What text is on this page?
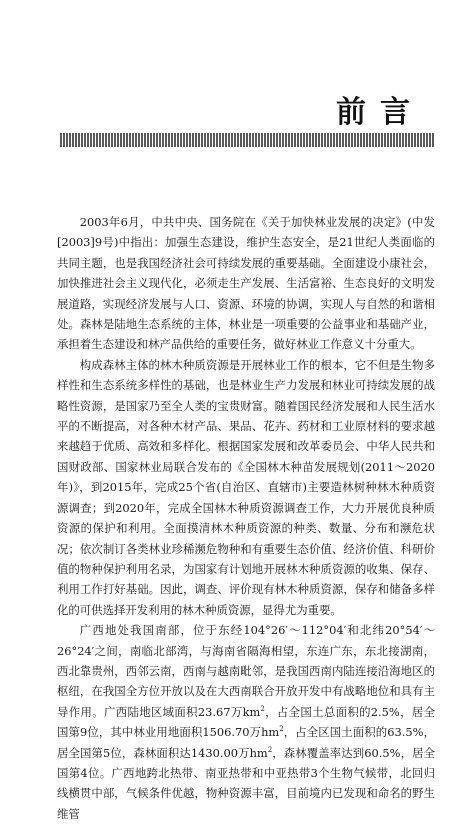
前言

2003年6月，中共中央、国务院在《关于加快林业发展的决定》(中发[2003]9号)中指出：加强生态建设，维护生态安全，是21世纪人类面临的共同主题，也是我国经济社会可持续发展的重要基础。全面建设小康社会，加快推进社会主义现代化，必须走生产发展、生活富裕、生态良好的文明发展道路，实现经济发展与人口、资源、环境的协调，实现人与自然的和谐相处。森林是陆地生态系统的主体，林业是一项重要的公益事业和基础产业，承担着生态建设和林产品供给的重要任务，做好林业工作意义十分重大。

构成森林主体的林木种质资源是开展林业工作的根本，它不但是生物多样性和生态系统多样性的基础，也是林业生产力发展和林业可持续发展的战略性资源，是国家乃至全人类的宝贵财富。随着国民经济发展和人民生活水平的不断提高，对各种木材产品、果品、花卉、药材和工业原材料的要求越来越趋于优质、高效和多样化。根据国家发展和改革委员会、中华人民共和国财政部、国家林业局联合发布的《全国林木种苗发展规划(2011～2020年)》，到2015年，完成25个省(自治区、直辖市)主要造林树种林木种质资源调查；到2020年，完成全国林木种质资源调查工作，大力开展优良种质资源的保护和利用。全面摸清林木种质资源的种类、数量、分布和濒危状况；依次制订各类林业珍稀濒危物种和有重要生态价值、经济价值、科研价值的物种保护利用名录，为国家有计划地开展林木种质资源的收集、保存、利用工作打好基础。因此，调查、评价现有林木种质资源，保存和储备多样化的可供选择开发利用的林木种质资源，显得尤为重要。

广西地处我国南部，位于东经104°26′～112°04′和北纬20°54′～26°24′之间，南临北部湾，与海南省隔海相望，东连广东，东北接湖南，西北靠贵州，西邻云南，西南与越南毗邻，是我国西南内陆连接沿海地区的枢纽，在我国全方位开放以及在大西南联合开放开发中有战略地位和具有主导作用。广西陆地区域面积23.67万$km^2$，占全国土总面积的2.5%，居全国第9位，其中林业用地面积1506.70万$hm^2$，占全区国土面积的63.5%，居全国第5位，森林面积达1430.00万$hm^2$，森林覆盖率达到60.5%，居全国第4位。广西地跨北热带、南亚热带和中亚热带3个生物气候带，北回归线横贯中部，气候条件优越，物种资源丰富，目前境内已发现和命名的野生维管
